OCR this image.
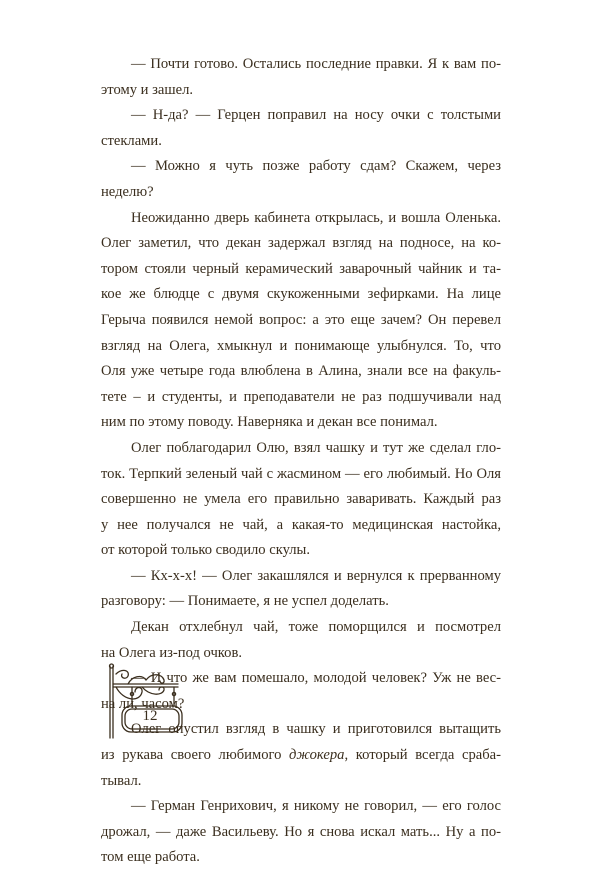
— Почти готово. Остались последние правки. Я к вам по-
этому и зашел.
— Н-да? — Герцен поправил на носу очки с толстыми
стеклами.
— Можно я чуть позже работу сдам? Скажем, через
неделю?
Неожиданно дверь кабинета открылась, и вошла Оленька.
Олег заметил, что декан задержал взгляд на подносе, на ко-
тором стояли черный керамический заварочный чайник и та-
кое же блюдце с двумя скукоженными зефирками. На лице
Герыча появился немой вопрос: а это еще зачем? Он перевел
взгляд на Олега, хмыкнул и понимающе улыбнулся. То, что
Оля уже четыре года влюблена в Алина, знали все на факуль-
тете – и студенты, и преподаватели не раз подшучивали над
ним по этому поводу. Наверняка и декан все понимал.
Олег поблагодарил Олю, взял чашку и тут же сделал гло-
ток. Терпкий зеленый чай с жасмином — его любимый. Но Оля
совершенно не умела его правильно заваривать. Каждый раз
у нее получался не чай, а какая-то медицинская настойка,
от которой только сводило скулы.
— Кх-х-х! — Олег закашлялся и вернулся к прерванному
разговору: — Понимаете, я не успел доделать.
Декан отхлебнул чай, тоже поморщился и посмотрел
на Олега из-под очков.
— И что же вам помешало, молодой человек? Уж не вес-
на ли, часом?
Олег опустил взгляд в чашку и приготовился вытащить
из рукава своего любимого джокера, который всегда сраба-
тывал.
— Герман Генрихович, я никому не говорил, — его голос
дрожал, — даже Васильеву. Но я снова искал мать... Ну а по-
том еще работа.
12
